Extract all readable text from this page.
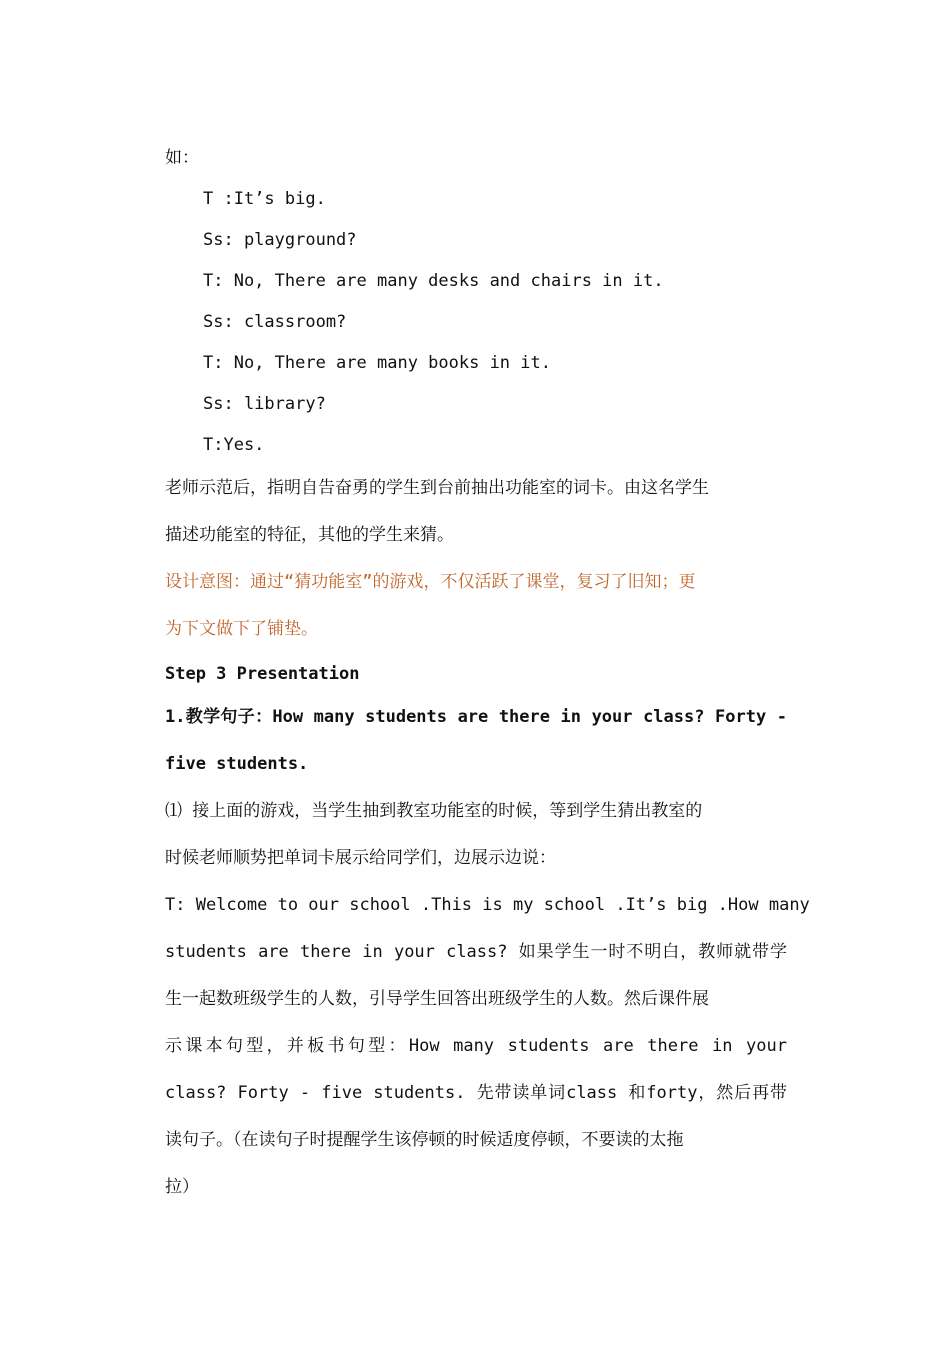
如：
T :It’s big.
Ss: playground?
T: No, There are many desks and chairs in it.
Ss: classroom?
T: No, There are many books in it.
Ss: library?
T:Yes.
老师示范后，指明自告奋勇的学生到台前抽出功能室的词卡。由这名学生
描述功能室的特征，其他的学生来猜。
设计意图：通过“猜功能室”的游戏，不仅活跃了课堂，复习了旧知；更
为下文做下了铺垫。
Step 3 Presentation
1.教学句子：How many students are there in your class? Forty -
five students.
⑴ 接上面的游戏，当学生抽到教室功能室的时候，等到学生猜出教室的
时候老师顺势把单词卡展示给同学们，边展示边说：
T: Welcome to our school .This is my school .It’s big .How many
students are there in your class? 如果学生一时不明白，教师就带学
生一起数班级学生的人数，引导学生回答出班级学生的人数。然后课件展
示课本句型，并板书句型：How many students are there in your
class? Forty - five students. 先带读单词class 和forty，然后再带
读句子。（在读句子时提醒学生该停顿的时候适度停顿，不要读的太拖
拉）
